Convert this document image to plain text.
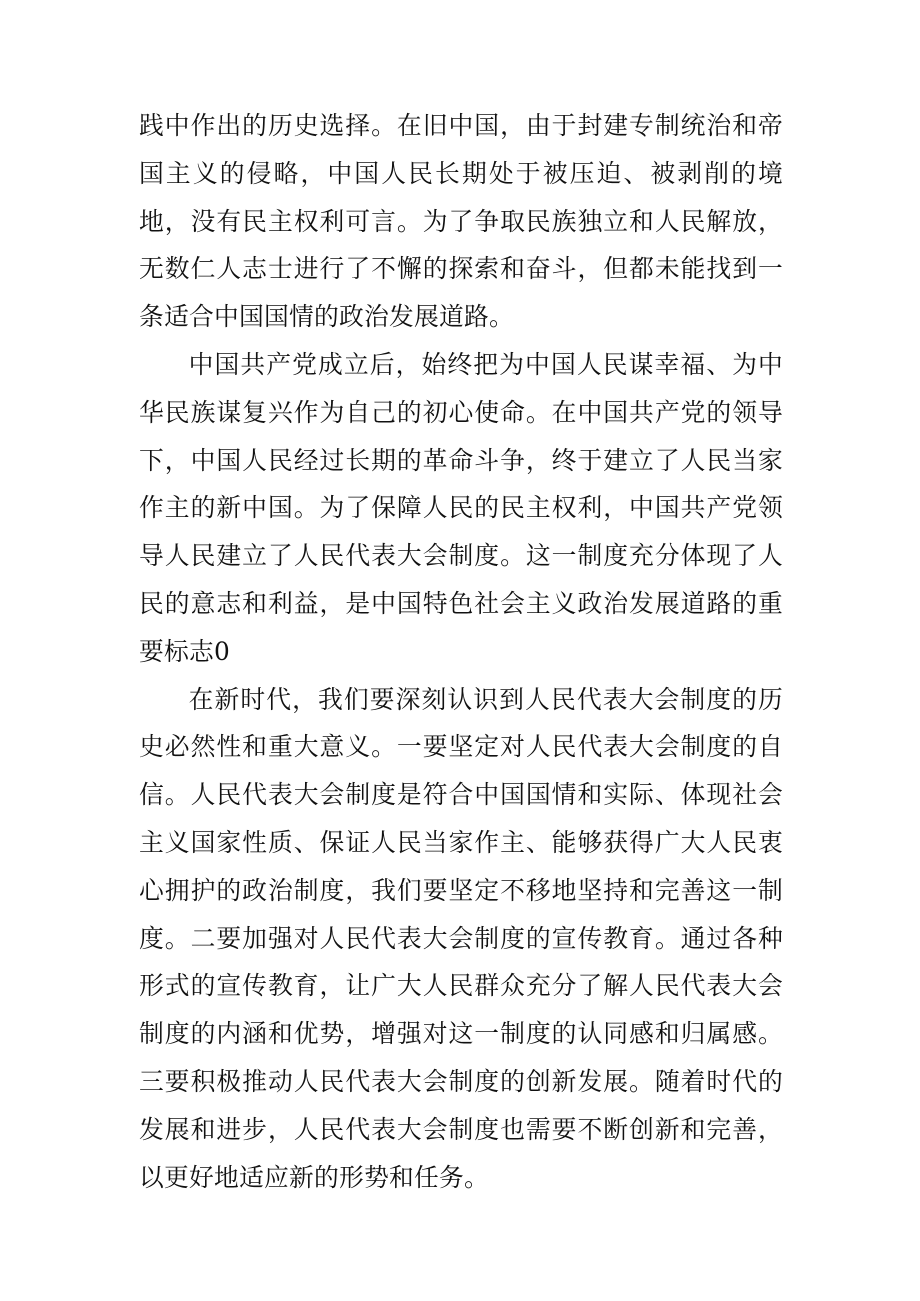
践中作出的历史选择。在旧中国，由于封建专制统治和帝国主义的侵略，中国人民长期处于被压迫、被剥削的境地，没有民主权利可言。为了争取民族独立和人民解放，无数仁人志士进行了不懈的探索和奋斗，但都未能找到一条适合中国国情的政治发展道路。

中国共产党成立后，始终把为中国人民谋幸福、为中华民族谋复兴作为自己的初心使命。在中国共产党的领导下，中国人民经过长期的革命斗争，终于建立了人民当家作主的新中国。为了保障人民的民主权利，中国共产党领导人民建立了人民代表大会制度。这一制度充分体现了人民的意志和利益，是中国特色社会主义政治发展道路的重要标志0

在新时代，我们要深刻认识到人民代表大会制度的历史必然性和重大意义。一要坚定对人民代表大会制度的自信。人民代表大会制度是符合中国国情和实际、体现社会主义国家性质、保证人民当家作主、能够获得广大人民衷心拥护的政治制度，我们要坚定不移地坚持和完善这一制度。二要加强对人民代表大会制度的宣传教育。通过各种形式的宣传教育，让广大人民群众充分了解人民代表大会制度的内涵和优势，增强对这一制度的认同感和归属感。三要积极推动人民代表大会制度的创新发展。随着时代的发展和进步，人民代表大会制度也需要不断创新和完善，以更好地适应新的形势和任务。
